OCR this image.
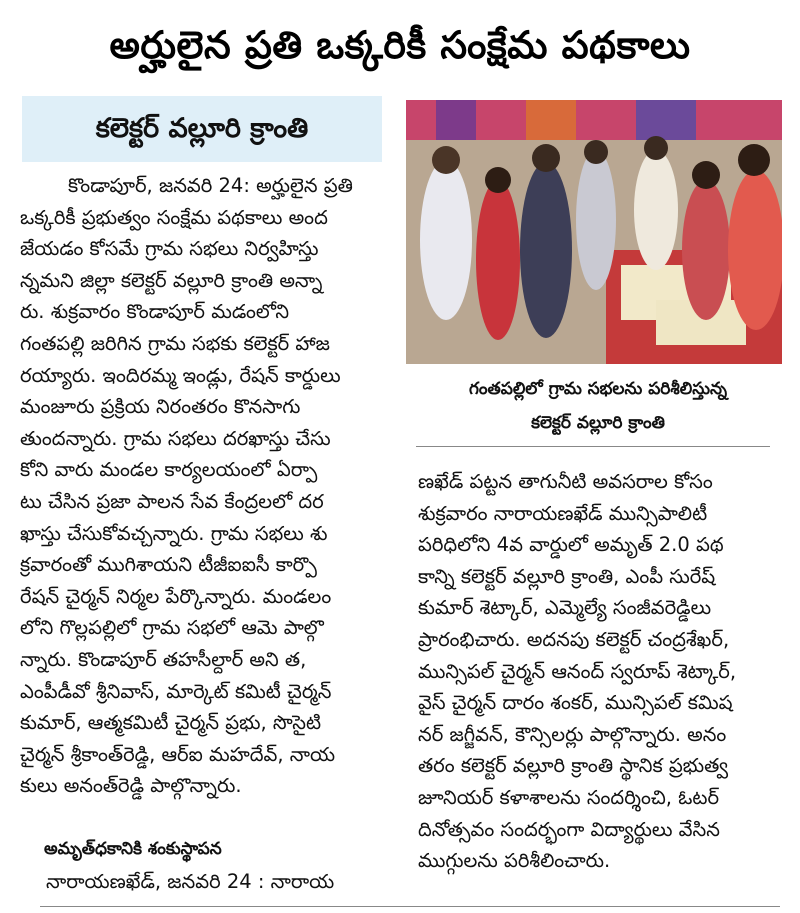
అర్హులైన ప్రతి ఒక్కరికీ సంక్షేమ పథకాలు
కలెక్టర్ వల్లూరి క్రాంతి
కొండాపూర్, జనవరి 24: అర్హులైన ప్రతి
ఒక్కరికీ ప్రభుత్వం సంక్షేమ పథకాలు అంద
జేయడం కోసమే గ్రామ సభలు నిర్వహిస్తు
న్నమని జిల్లా కలెక్టర్ వల్లూరి క్రాంతి అన్నా
రు. శుక్రవారం కొండాపూర్ మడంలోని
గంతపల్లి జరిగిన గ్రామ సభకు కలెక్టర్ హాజ
రయ్యారు. ఇందిరమ్మ ఇండ్లు, రేషన్ కార్డులు
మంజూరు ప్రక్రియ నిరంతరం కొనసాగు
తుందన్నారు. గ్రామ సభలు దరఖాస్తు చేసు
కోని వారు మండల కార్యలయంలో ఏర్పా
టు చేసిన ప్రజా పాలన సేవ కేంద్రలలో దర
ఖాస్తు చేసుకోవచ్చన్నారు. గ్రామ సభలు శు
క్రవారంతో ముగిశాయని టీజీఐఐసీ కార్పొ
రేషన్ చైర్మన్ నిర్మల పేర్కొన్నారు. మండలం
లోని గొల్లపల్లిలో గ్రామ సభలో ఆమె పాల్గొ
న్నారు. కొండాపూర్ తహసీల్దార్ అని త,
ఎంపీడీవో శ్రీనివాస్, మార్కెట్ కమిటీ చైర్మన్
కుమార్, ఆత్మకమిటీ చైర్మన్ ప్రభు, సొసైటి
చైర్మన్ శ్రీకాంత్‌రెడ్డి, ఆర్ఐ మహదేవ్, నాయ
కులు అనంత్‌రెడ్డి పాల్గొన్నారు.
అమృత్‌ధకానికి శంకుస్థాపన
నారాయణఖేడ్, జనవరి 24 : నారాయ
గంతపల్లిలో గ్రామ సభలను పరిశీలిస్తున్న
కలెక్టర్ వల్లూరి క్రాంతి
ణఖేడ్ పట్టన తాగునీటి అవసరాల కోసం
శుక్రవారం నారాయణఖేడ్ మున్సిపాలిటీ
పరిధిలోని 4వ వార్డులో అమృత్ 2.0 పథ
కాన్ని కలెక్టర్ వల్లూరి క్రాంతి, ఎంపీ సురేష్
కుమార్ శెట్కార్, ఎమ్మెల్యే సంజీవరెడ్డిలు
ప్రారంభిచారు. అదనపు కలెక్టర్ చంద్రశేఖర్,
మున్సిపల్ చైర్మన్ ఆనంద్ స్వరూప్ శెట్కార్,
వైస్ చైర్మన్ దారం శంకర్, మున్సిపల్ కమిష
నర్ జగ్జీవన్, కౌన్సిలర్లు పాల్గొన్నారు. అనం
తరం కలెక్టర్ వల్లూరి క్రాంతి స్థానిక ప్రభుత్వ
జూనియర్ కళాశాలను సందర్శించి, ఓటర్
దినోత్సవం సందర్భంగా విద్యార్థులు వేసిన
ముగ్గులను పరిశీలించారు.
